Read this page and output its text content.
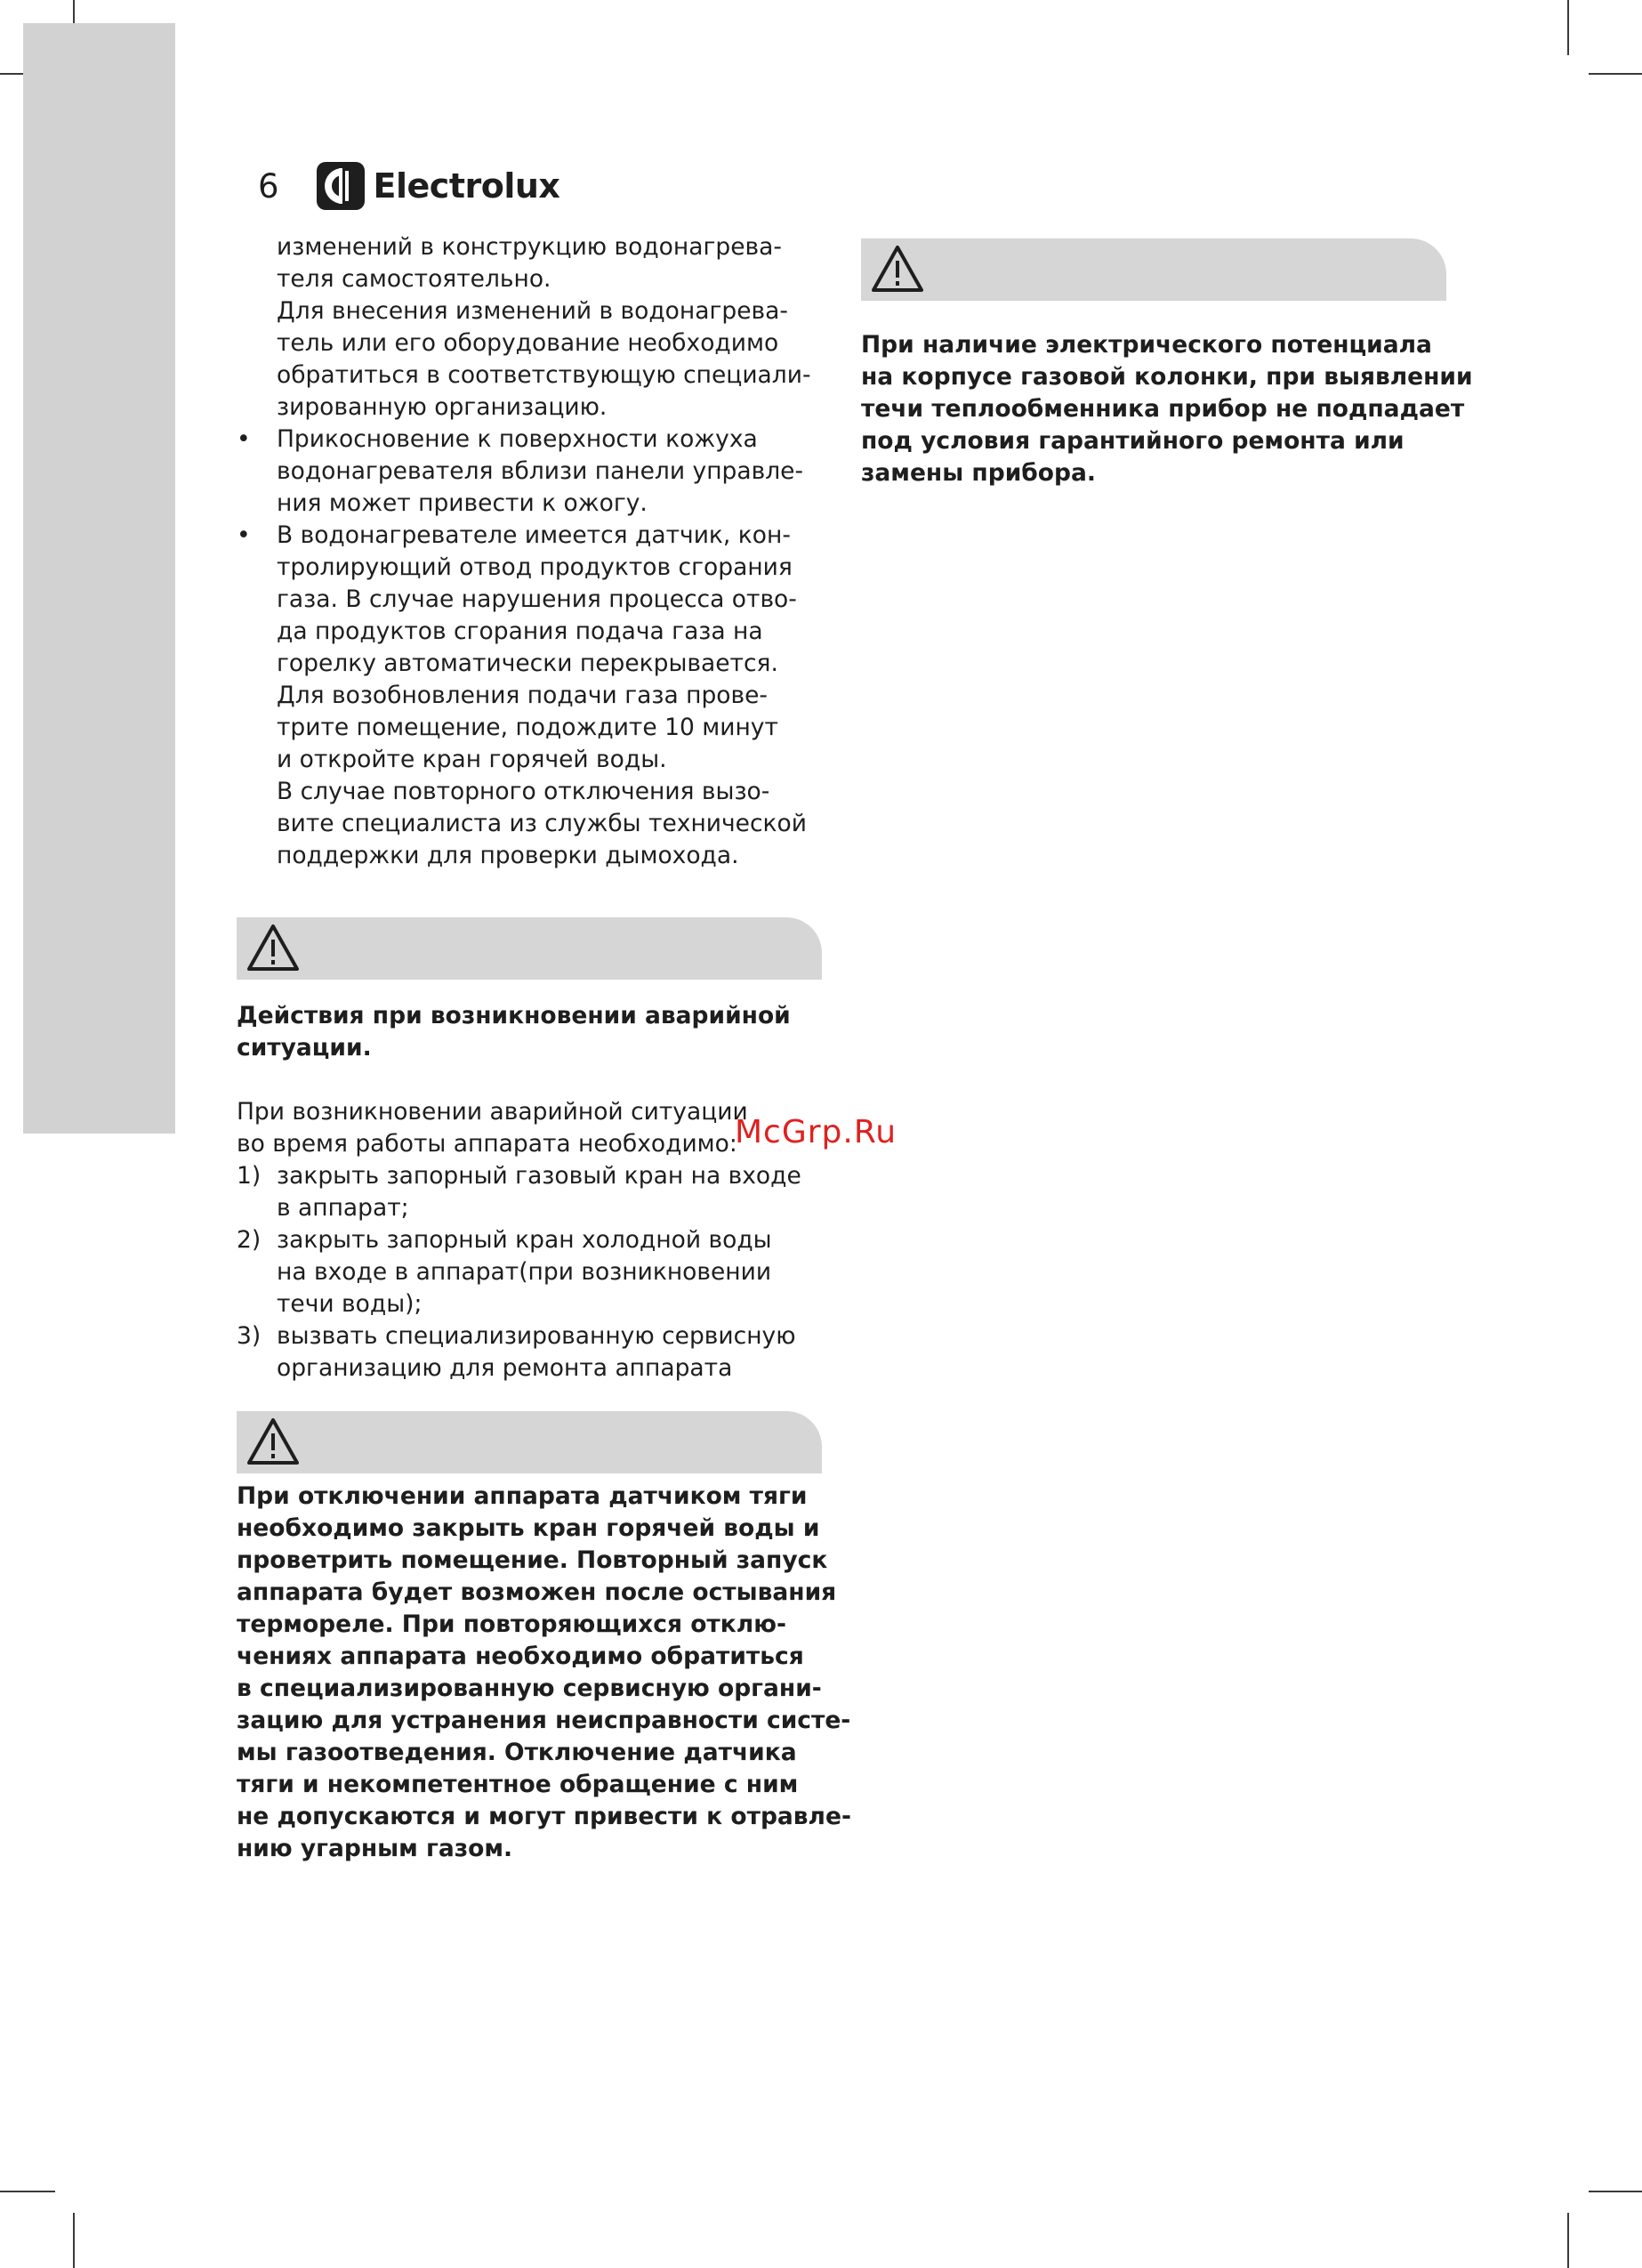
6	Electrolux
изменений в конструкцию водонагрева-
теля самостоятельно.
Для внесения изменений в водонагрева-
тель или его оборудование необходимо
обратиться в соответствующую специали-
зированную организацию.
• Прикосновение к поверхности кожуха
водонагревателя вблизи панели управле-
ния может привести к ожогу.
• В водонагревателе имеется датчик, кон-
тролирующий отвод продуктов сгорания
газа. В случае нарушения процесса отво-
да продуктов сгорания подача газа на
горелку автоматически перекрывается.
Для возобновления подачи газа прове-
трите помещение, подождите 10 минут
и откройте кран горячей воды.
В случае повторного отключения вызо-
вите специалиста из службы технической
поддержки для проверки дымохода.
Действия при возникновении аварийной
ситуации.
При возникновении аварийной ситуации
во время работы аппарата необходимо:
1) закрыть запорный газовый кран на входе
в аппарат;
2) закрыть запорный кран холодной воды
на входе в аппарат(при возникновении
течи воды);
3) вызвать специализированную сервисную
организацию для ремонта аппарата
При отключении аппарата датчиком тяги
необходимо закрыть кран горячей воды и
проветрить помещение. Повторный запуск
аппарата будет возможен после остывания
термореле. При повторяющихся отклю-
чениях аппарата необходимо обратиться
в специализированную сервисную органи-
зацию для устранения неисправности систе-
мы газоотведения. Отключение датчика
тяги и некомпетентное обращение с ним
не допускаются и могут привести к отравле-
нию угарным газом.
При наличие электрического потенциала
на корпусе газовой колонки, при выявлении
течи теплообменника прибор не подпадает
под условия гарантийного ремонта или
замены прибора.
McGrp.Ru
